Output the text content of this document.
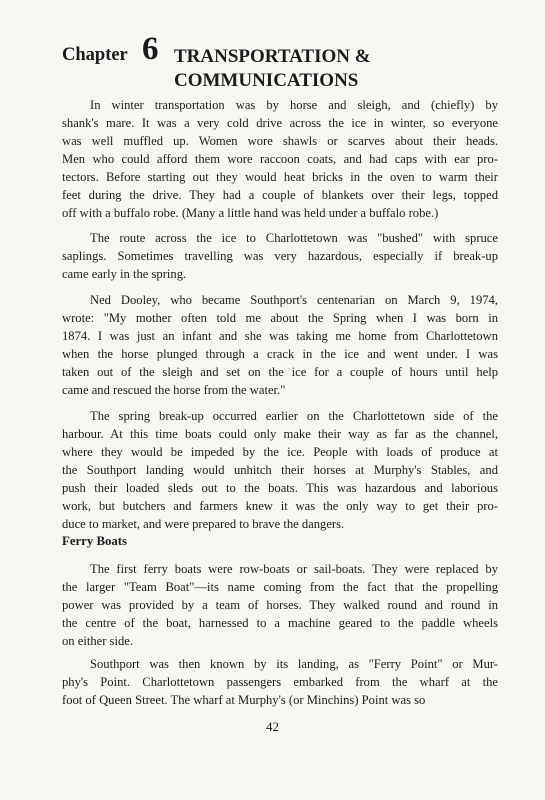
Chapter 6 TRANSPORTATION &
COMMUNICATIONS
In winter transportation was by horse and sleigh, and (chiefly) by
shank's mare. It was a very cold drive across the ice in winter, so everyone
was well muffled up. Women wore shawls or scarves about their heads.
Men who could afford them wore raccoon coats, and had caps with ear pro-
tectors. Before starting out they would heat bricks in the oven to warm their
feet during the drive. They had a couple of blankets over their legs, topped
off with a buffalo robe. (Many a little hand was held under a buffalo robe.)
The route across the ice to Charlottetown was "bushed" with spruce
saplings. Sometimes travelling was very hazardous, especially if break-up
came early in the spring.
Ned Dooley, who became Southport's centenarian on March 9, 1974,
wrote: "My mother often told me about the Spring when I was born in
1874. I was just an infant and she was taking me home from Charlottetown
when the horse plunged through a crack in the ice and went under. I was
taken out of the sleigh and set on the ice for a couple of hours until help
came and rescued the horse from the water."
The spring break-up occurred earlier on the Charlottetown side of the
harbour. At this time boats could only make their way as far as the channel,
where they would be impeded by the ice. People with loads of produce at
the Southport landing would unhitch their horses at Murphy's Stables, and
push their loaded sleds out to the boats. This was hazardous and laborious
work, but butchers and farmers knew it was the only way to get their pro-
duce to market, and were prepared to brave the dangers.
Ferry Boats
The first ferry boats were row-boats or sail-boats. They were replaced by
the larger "Team Boat"—its name coming from the fact that the propelling
power was provided by a team of horses. They walked round and round in
the centre of the boat, harnessed to a machine geared to the paddle wheels
on either side.
Southport was then known by its landing, as "Ferry Point" or Mur-
phy's Point. Charlottetown passengers embarked from the wharf at the
foot of Queen Street. The wharf at Murphy's (or Minchins) Point was so
42
